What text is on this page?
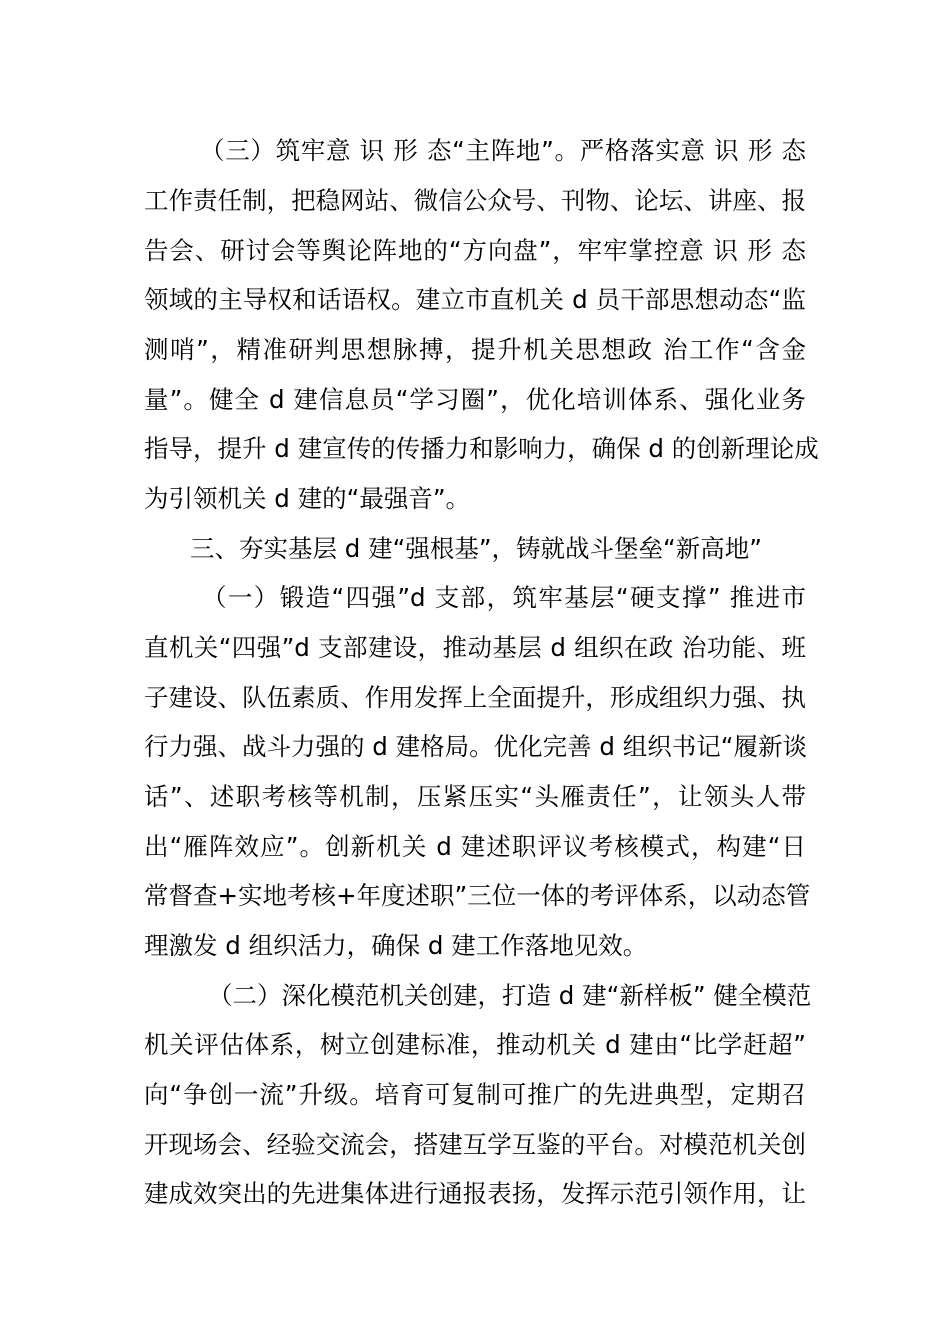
（三）筑牢意 识 形 态“主阵地”。严格落实意 识 形 态
工作责任制，把稳网站、微信公众号、刊物、论坛、讲座、报
告会、研讨会等舆论阵地的“方向盘”，牢牢掌控意 识 形 态
领域的主导权和话语权。建立市直机关 d 员干部思想动态“监
测哨”，精准研判思想脉搏，提升机关思想政 治工作“含金
量”。健全 d 建信息员“学习圈”，优化培训体系、强化业务
指导，提升 d 建宣传的传播力和影响力，确保 d 的创新理论成
为引领机关 d 建的“最强音”。
三、夯实基层 d 建“强根基”，铸就战斗堡垒“新高地”
（一）锻造“四强”d 支部，筑牢基层“硬支撑” 推进市
直机关“四强”d 支部建设，推动基层 d 组织在政 治功能、班
子建设、队伍素质、作用发挥上全面提升，形成组织力强、执
行力强、战斗力强的 d 建格局。优化完善 d 组织书记“履新谈
话”、述职考核等机制，压紧压实“头雁责任”，让领头人带
出“雁阵效应”。创新机关 d 建述职评议考核模式，构建“日
常督查+实地考核+年度述职”三位一体的考评体系，以动态管
理激发 d 组织活力，确保 d 建工作落地见效。
（二）深化模范机关创建，打造 d 建“新样板” 健全模范
机关评估体系，树立创建标准，推动机关 d 建由“比学赶超”
向“争创一流”升级。培育可复制可推广的先进典型，定期召
开现场会、经验交流会，搭建互学互鉴的平台。对模范机关创
建成效突出的先进集体进行通报表扬，发挥示范引领作用，让
